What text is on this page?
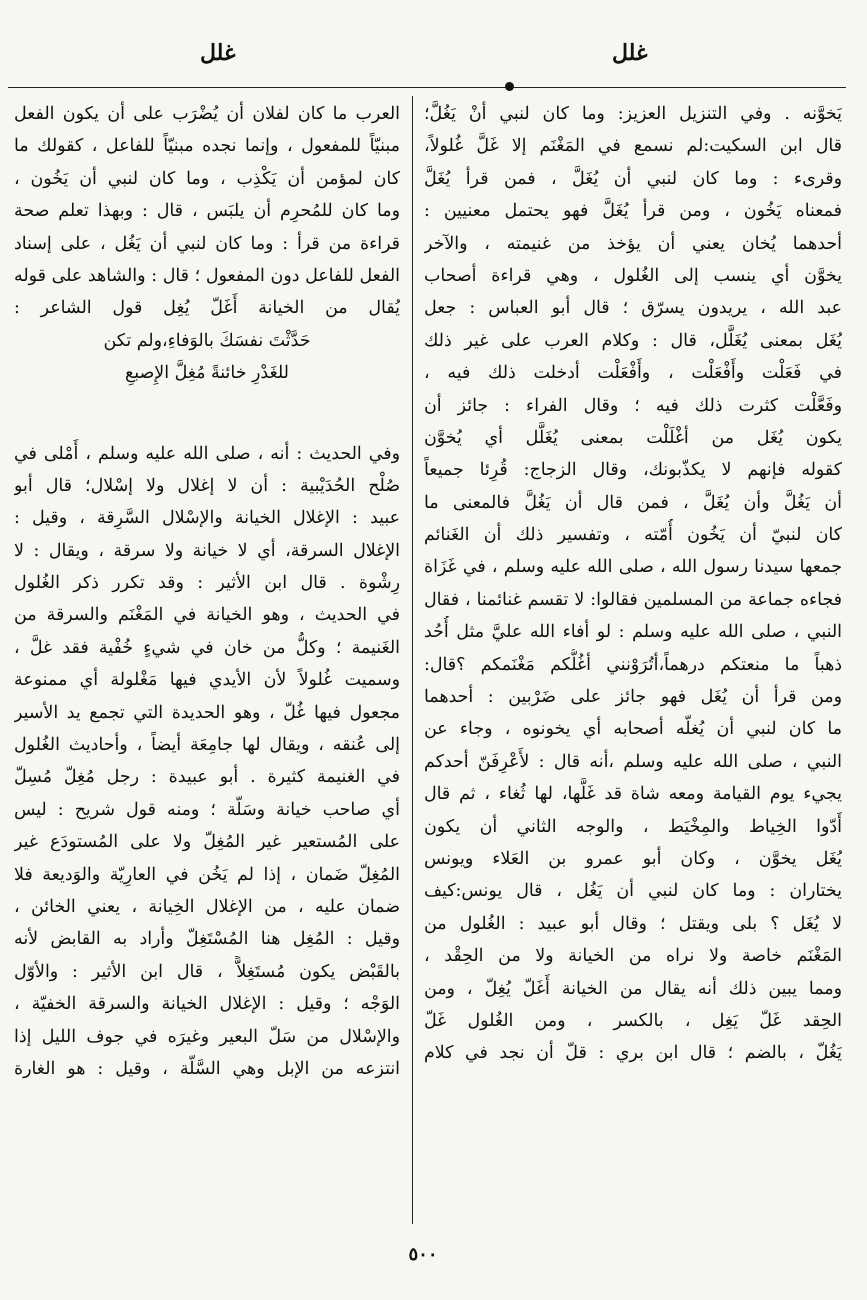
غلل
غلل
يَخوَّنه . وفي التنزيل العزيز: وما كان لنبي أنْ يَغُلَّ؛
قال ابن السكيت:لم نسمع في المَغْنَم إلا غَلَّ غُلولاً،
وقرىء : وما كان لنبي أن يُغَلَّ ، فمن قرأ يُغَلَّ
فمعناه يَخُون ، ومن قرأ يُغَلَّ فهو يحتمل معنيين :
أحدهما يُخان يعني أن يؤخذ من غنيمته ، والآخر
يخوَّن أي ينسب إلى الغُلول ، وهي قراءة أصحاب
عبد الله ، يريدون يسرّق ؛ قال أبو العباس : جعل
يُغَل بمعنى يُغَلَّل، قال : وكلام العرب على غير ذلك
في فَعَلْت وأَفْعَلْت ، وأَفْعَلْت أدخلت ذلك فيه ،
وفَعَّلْت كثرت ذلك فيه ؛ وقال الفراء : جائز أن
يكون يُغَل من أغْلَلْت بمعنى يُغَلَّل أي يُخوَّن
كقوله فإنهم لا يكذّبونك، وقال الزجاج: قُرِئا جميعاً
أن يَغُلَّ وأن يُغَلَّ ، فمن قال أن يَغُلَّ فالمعنى ما
كان لنبيّ أن يَخُون أُمّته ، وتفسير ذلك أن الغَنائم
جمعها سيدنا رسول الله ، صلى الله عليه وسلم ، في غَزَاة
فجاءه جماعة من المسلمين فقالوا: لا تقسم غنائمنا ، فقال
النبي ، صلى الله عليه وسلم : لو أفاء الله عليَّ مثل أُحُد
ذهباً ما منعتكم درهماً،أتُرَوْنني أغُلُّكم مَغْنَمكم ؟قال:
ومن قرأ أن يُغَل فهو جائز على ضَرْبين : أحدهما
ما كان لنبي أن يُغلّه أصحابه أي يخونوه ، وجاء عن
النبي ، صلى الله عليه وسلم ،أنه قال : لأَعْرِفَنّ أحدكم
يجيء يوم القيامة ومعه شاة قد غَلَّها، لها ثُغاء ، ثم قال
أَدّوا الخِياط والمِخْيَط ، والوجه الثاني أن يكون
يُغَل يخوَّن ، وكان أبو عمرو بن العَلاء ويونس
يختاران : وما كان لنبي أن يَغُل ، قال يونس:كيف
لا يُغَل ؟ بلى ويقتل ؛ وقال أبو عبيد : الغُلول من
المَغْنَم خاصة ولا نراه من الخيانة ولا من الحِقْد ،
ومما يبين ذلك أنه يقال من الخيانة أَغَلّ يُغِلّ ، ومن
الحِقد غَلّ يَغِل ، بالكسر ، ومن الغُلول غَلّ
يَغُلّ ، بالضم ؛ قال ابن بري : قلّ أن نجد في كلام
العرب ما كان لفلان أن يُضْرَب على أن يكون الفعل
مبنيّاً للمفعول ، وإنما نجده مبنيّاً للفاعل ، كقولك ما
كان لمؤمن أن يَكْذِب ، وما كان لنبي أن يَخُون ،
وما كان للمُحرِم أن يلبَس ، قال : وبهذا تعلم صحة
قراءة من قرأ : وما كان لنبي أن يَغُل ، على إسناد
الفعل للفاعل دون المفعول ؛ قال : والشاهد على قوله
يُقال من الخيانة أَغَلّ يُغِل قول الشاعر :
حَدَّثْتَ نفسَكَ بالوَفاءِ،ولم تكن
للغَدْرِ خائنةً مُغِلَّ الإِصبعِ
وفي الحديث : أنه ، صلى الله عليه وسلم ، أَمْلى في
صُلْح الحُدَيْبية : أن لا إغلال ولا إسْلال؛ قال أبو
عبيد : الإغلال الخيانة والإسْلال السَّرِقة ، وقيل :
الإغلال السرقة، أي لا خيانة ولا سرقة ، ويقال : لا
رِشْوة . قال ابن الأثير : وقد تكرر ذكر الغُلول
في الحديث ، وهو الخيانة في المَغْنَم والسرقة من
الغَنيمة ؛ وكلُّ من خان في شيءٍ خُفْية فقد غلَّ ،
وسميت غُلولاً لأن الأيدي فيها مَغْلولة أي ممنوعة
مجعول فيها غُلّ ، وهو الحديدة التي تجمع يد الأسير
إلى عُنقه ، ويقال لها جامِعَة أيضاً ، وأحاديث الغُلول
في الغنيمة كثيرة . أبو عبيدة : رجل مُغِلّ مُسِلّ
أي صاحب خيانة وسَلّة ؛ ومنه قول شريح : ليس
على المُستعير غير المُغِلّ ولا على المُستودَع غير
المُغِلّ ضَمان ، إذا لم يَخُن في العارِيّة والوَديعة فلا
ضمان عليه ، من الإغلال الخِيانة ، يعني الخائن ،
وقيل : المُغِل هنا المُسْتَغِلّ وأراد به القابض لأنه
بالقَبْض يكون مُستَغِلاًّ ، قال ابن الأثير : والأوّل
الوَجْه ؛ وقيل : الإغلال الخيانة والسرقة الخفيّة ،
والإسْلال من سَلّ البعير وغيرَه في جوف الليل إذا
انتزعه من الإبل وهي السَّلّة ، وقيل : هو الغارة
٥٠٠
